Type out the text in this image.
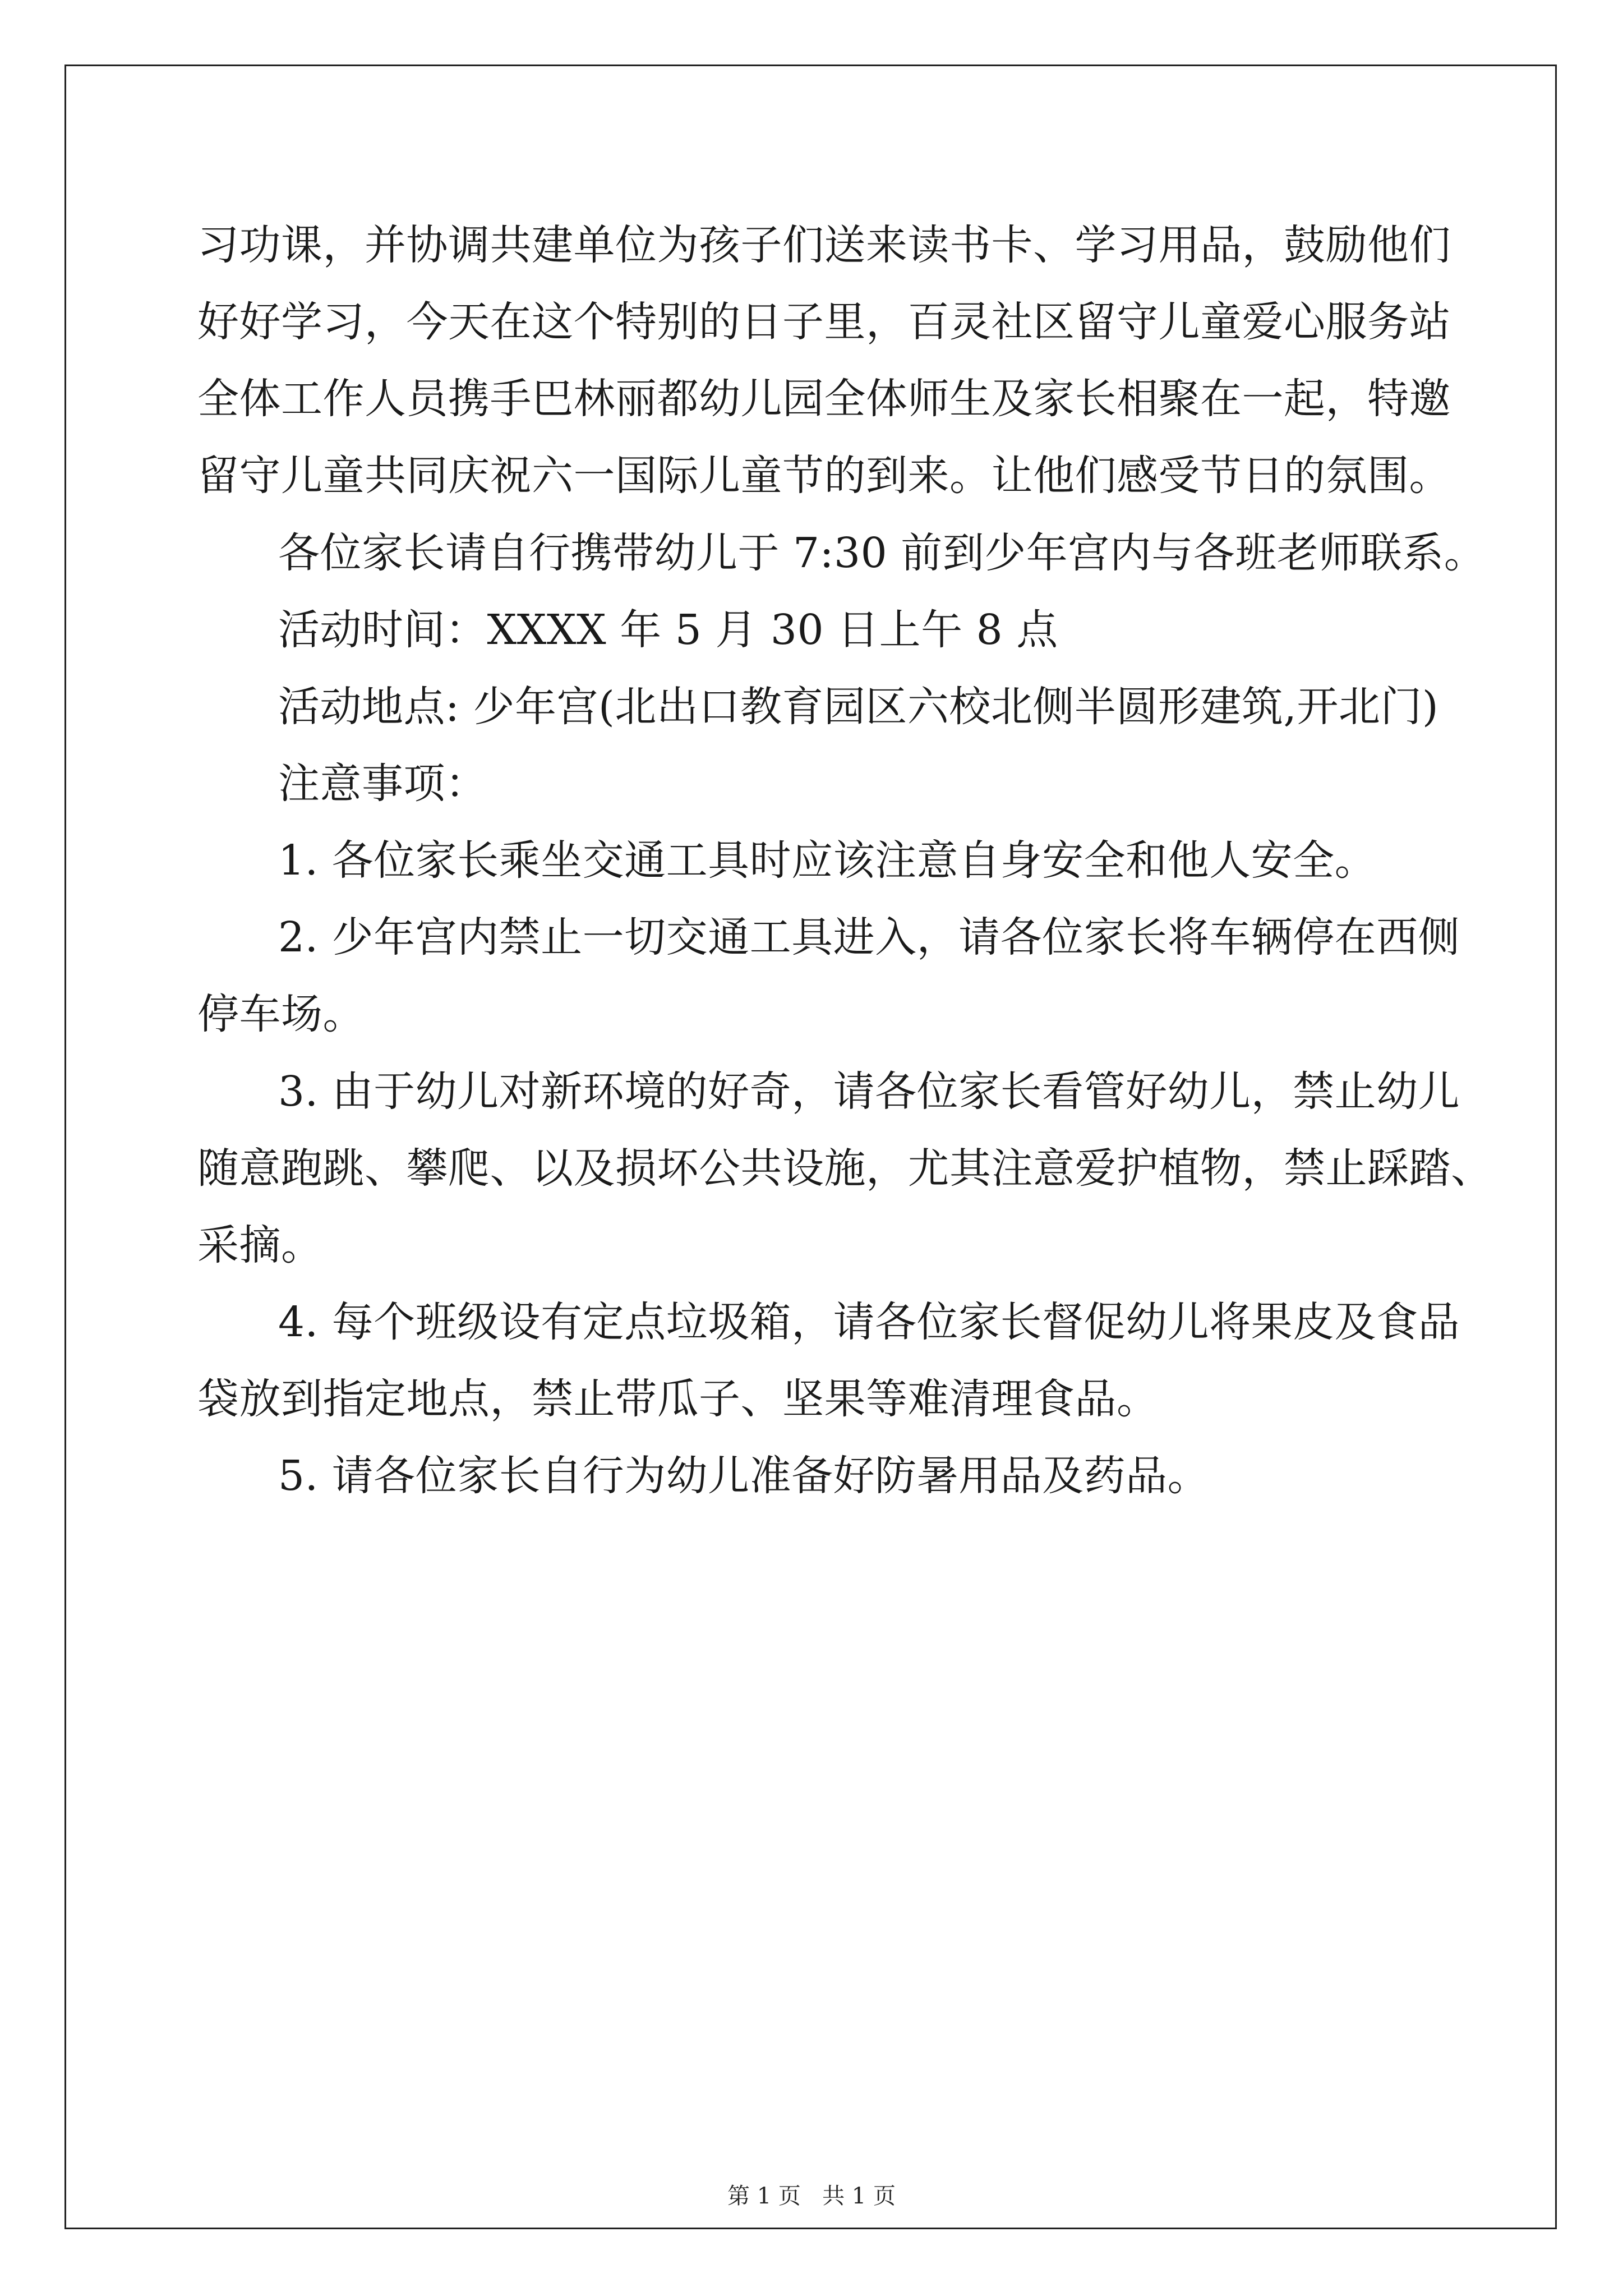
习功课，并协调共建单位为孩子们送来读书卡、学习用品，鼓励他们
好好学习，今天在这个特别的日子里，百灵社区留守儿童爱心服务站
全体工作人员携手巴林丽都幼儿园全体师生及家长相聚在一起，特邀
留守儿童共同庆祝六一国际儿童节的到来。让他们感受节日的氛围。
各位家长请自行携带幼儿于 7:30 前到少年宫内与各班老师联系。
活动时间：XXXX 年 5 月 30 日上午 8 点
活动地点: 少年宫(北出口教育园区六校北侧半圆形建筑,开北门)
注意事项：
1. 各位家长乘坐交通工具时应该注意自身安全和他人安全。
2. 少年宫内禁止一切交通工具进入，请各位家长将车辆停在西侧
停车场。
3. 由于幼儿对新环境的好奇，请各位家长看管好幼儿，禁止幼儿
随意跑跳、攀爬、以及损坏公共设施，尤其注意爱护植物，禁止踩踏、
采摘。
4. 每个班级设有定点垃圾箱，请各位家长督促幼儿将果皮及食品
袋放到指定地点，禁止带瓜子、坚果等难清理食品。
5. 请各位家长自行为幼儿准备好防暑用品及药品。
第 1 页   共 1 页
